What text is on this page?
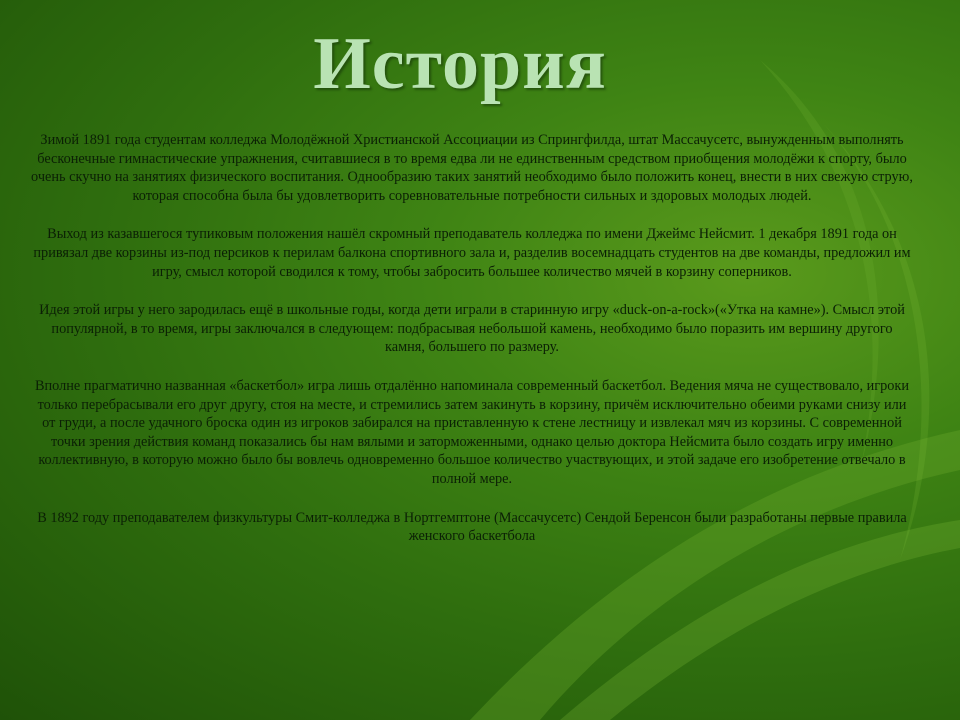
История

Зимой 1891 года студентам колледжа Молодёжной Христианской Ассоциации из Спрингфилда, штат Массачусетс, вынужденным выполнять бесконечные гимнастические упражнения, считавшиеся в то время едва ли не единственным средством приобщения молодёжи к спорту, было очень скучно на занятиях физического воспитания. Однообразию таких занятий необходимо было положить конец, внести в них свежую струю, которая способна была бы удовлетворить соревновательные потребности сильных и здоровых молодых людей.

Выход из казавшегося тупиковым положения нашёл скромный преподаватель колледжа по имени Джеймс Нейсмит. 1 декабря 1891 года он привязал две корзины из-под персиков к перилам балкона спортивного зала и, разделив восемнадцать студентов на две команды, предложил им игру, смысл которой сводился к тому, чтобы забросить большее количество мячей в корзину соперников.

Идея этой игры у него зародилась ещё в школьные годы, когда дети играли в старинную игру «duck-on-a-rock»(«Утка на камне»). Смысл этой популярной, в то время, игры заключался в следующем: подбрасывая небольшой камень, необходимо было поразить им вершину другого камня, большего по размеру.

Вполне прагматично названная «баскетбол» игра лишь отдалённо напоминала современный баскетбол. Ведения мяча не существовало, игроки только перебрасывали его друг другу, стоя на месте, и стремились затем закинуть в корзину, причём исключительно обеими руками снизу или от груди, а после удачного броска один из игроков забирался на приставленную к стене лестницу и извлекал мяч из корзины. С современной точки зрения действия команд показались бы нам вялыми и заторможенными, однако целью доктора Нейсмита было создать игру именно коллективную, в которую можно было бы вовлечь одновременно большое количество участвующих, и этой задаче его изобретение отвечало в полной мере.

В 1892 году преподавателем физкультуры Смит-колледжа в Нортгемптоне (Массачусетс) Сендой Беренсон были разработаны первые правила женского баскетбола
